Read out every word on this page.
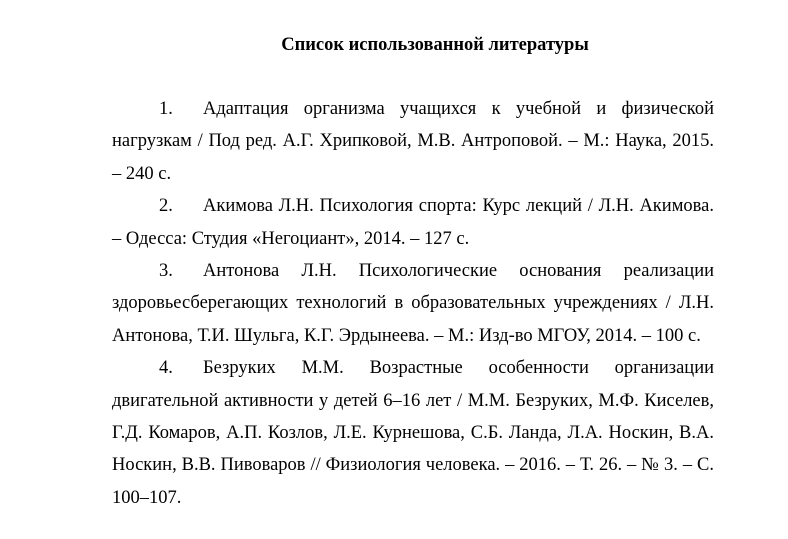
Список использованной литературы
1. Адаптация организма учащихся к учебной и физической нагрузкам / Под ред. А.Г. Хрипковой, М.В. Антроповой. – М.: Наука, 2015. – 240 с.
2. Акимова Л.Н. Психология спорта: Курс лекций / Л.Н. Акимова. – Одесса: Студия «Негоциант», 2014. – 127 с.
3. Антонова Л.Н. Психологические основания реализации здоровьесберегающих технологий в образовательных учреждениях / Л.Н. Антонова, Т.И. Шульга, К.Г. Эрдынеева. – М.: Изд-во МГОУ, 2014. – 100 с.
4. Безруких М.М. Возрастные особенности организации двигательной активности у детей 6–16 лет / М.М. Безруких, М.Ф. Киселев, Г.Д. Комаров, А.П. Козлов, Л.Е. Курнешова, С.Б. Ланда, Л.А. Носкин, В.А. Носкин, В.В. Пивоваров // Физиология человека. – 2016. – Т. 26. – № 3. – С. 100–107.
